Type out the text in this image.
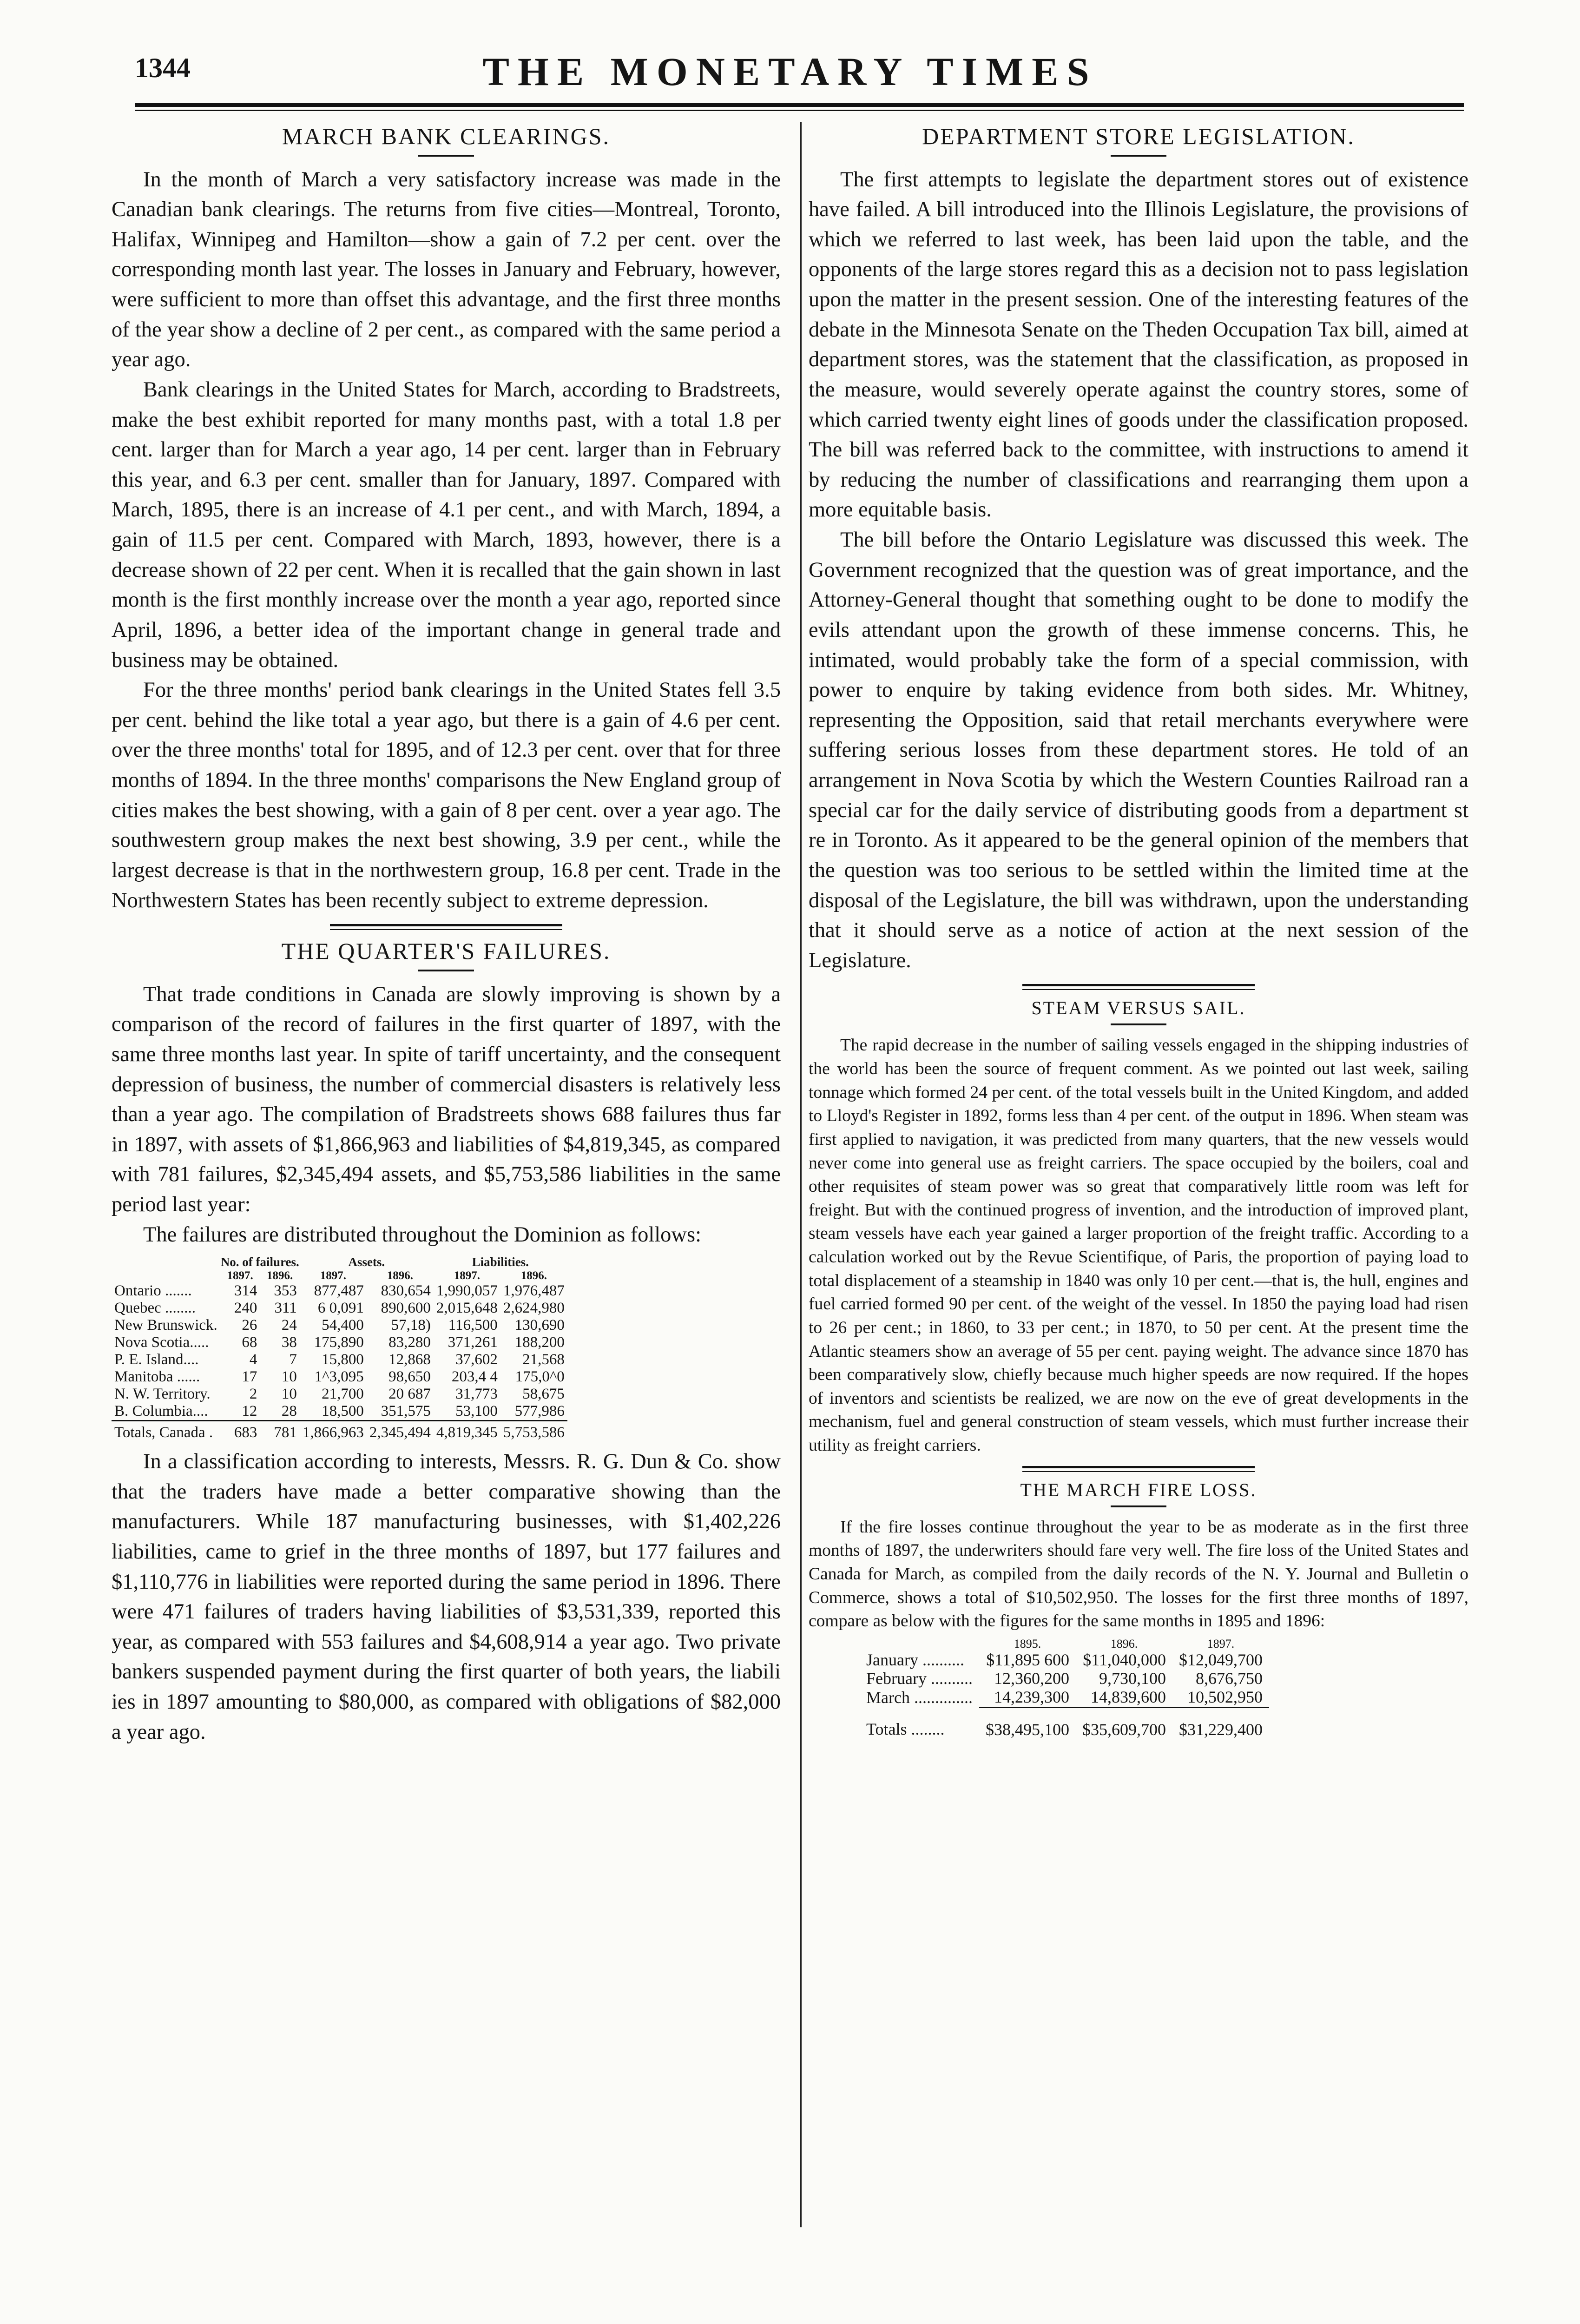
1344	THE MONETARY TIMES
MARCH BANK CLEARINGS.

In the month of March a very satisfactory increase was made in the Canadian bank clearings. The returns from five cities—Montreal, Toronto, Halifax, Winnipeg and Hamilton—show a gain of 7.2 per cent. over the corresponding month last year. The losses in January and February, however, were sufficient to more than offset this advantage, and the first three months of the year show a decline of 2 per cent., as compared with the same period a year ago.

Bank clearings in the United States for March, according to Bradstreets, make the best exhibit reported for many months past, with a total 1.8 per cent. larger than for March a year ago, 14 per cent. larger than in February this year, and 6.3 per cent. smaller than for January, 1897. Compared with March, 1895, there is an increase of 4.1 per cent., and with March, 1894, a gain of 11.5 per cent. Compared with March, 1893, however, there is a decrease shown of 22 per cent. When it is recalled that the gain shown in last month is the first monthly increase over the month a year ago, reported since April, 1896, a better idea of the important change in general trade and business may be obtained.

For the three months' period bank clearings in the United States fell 3.5 per cent. behind the like total a year ago, but there is a gain of 4.6 per cent. over the three months' total for 1895, and of 12.3 per cent. over that for three months of 1894. In the three months' comparisons the New England group of cities makes the best showing, with a gain of 8 per cent. over a year ago. The southwestern group makes the next best showing, 3.9 per cent., while the largest decrease is that in the northwestern group, 16.8 per cent. Trade in the Northwestern States has been recently subject to extreme depression.

THE QUARTER'S FAILURES.

That trade conditions in Canada are slowly improving is shown by a comparison of the record of failures in the first quarter of 1897, with the same three months last year. In spite of tariff uncertainty, and the consequent depression of business, the number of commercial disasters is relatively less than a year ago. The compilation of Bradstreets shows 688 failures thus far in 1897, with assets of $1,866,963 and liabilities of $4,819,345, as compared with 781 failures, $2,345,494 assets, and $5,753,586 liabilities in the same period last year:

The failures are distributed throughout the Dominion as follows:

	No. of failures.		Assets.		Liabilities.	
	1897.	1896.	1897.	1896.	1897.	1896.
Ontario .......	314	353	877,487	830,654	1,990,057	1,976,487
Quebec ........	240	311	6 0,091	890,600	2,015,648	2,624,980
New Brunswick.	26	24	54,400	57,18)	116,500	130,690
Nova Scotia.....	68	38	175,890	83,280	371,261	188,200
P. E. Island....	4	7	15,800	12,868	37,602	21,568
Manitoba ......	17	10	1^3,095	98,650	203,4 4	175,0^0
N. W. Territory.	2	10	21,700	20 687	31,773	58,675
B. Columbia....	12	28	18,500	351,575	53,100	577,986
Totals, Canada .	683	781	1,866,963	2,345,494	4,819,345	5,753,586

In a classification according to interests, Messrs. R. G. Dun & Co. show that the traders have made a better comparative showing than the manufacturers. While 187 manufacturing businesses, with $1,402,226 liabilities, came to grief in the three months of 1897, but 177 failures and $1,110,776 in liabilities were reported during the same period in 1896. There were 471 failures of traders having liabilities of $3,531,339, reported this year, as compared with 553 failures and $4,608,914 a year ago. Two private bankers suspended payment during the first quarter of both years, the liabili ies in 1897 amounting to $80,000, as compared with obligations of $82,000 a year ago.

DEPARTMENT STORE LEGISLATION.

The first attempts to legislate the department stores out of existence have failed. A bill introduced into the Illinois Legislature, the provisions of which we referred to last week, has been laid upon the table, and the opponents of the large stores regard this as a decision not to pass legislation upon the matter in the present session. One of the interesting features of the debate in the Minnesota Senate on the Theden Occupation Tax bill, aimed at department stores, was the statement that the classification, as proposed in the measure, would severely operate against the country stores, some of which carried twenty eight lines of goods under the classification proposed. The bill was referred back to the committee, with instructions to amend it by reducing the number of classifications and rearranging them upon a more equitable basis.

The bill before the Ontario Legislature was discussed this week. The Government recognized that the question was of great importance, and the Attorney-General thought that something ought to be done to modify the evils attendant upon the growth of these immense concerns. This, he intimated, would probably take the form of a special commission, with power to enquire by taking evidence from both sides. Mr. Whitney, representing the Opposition, said that retail merchants everywhere were suffering serious losses from these department stores. He told of an arrangement in Nova Scotia by which the Western Counties Railroad ran a special car for the daily service of distributing goods from a department st re in Toronto. As it appeared to be the general opinion of the members that the question was too serious to be settled within the limited time at the disposal of the Legislature, the bill was withdrawn, upon the understanding that it should serve as a notice of action at the next session of the Legislature.

STEAM VERSUS SAIL.

The rapid decrease in the number of sailing vessels engaged in the shipping industries of the world has been the source of frequent comment. As we pointed out last week, sailing tonnage which formed 24 per cent. of the total vessels built in the United Kingdom, and added to Lloyd's Register in 1892, forms less than 4 per cent. of the output in 1896. When steam was first applied to navigation, it was predicted from many quarters, that the new vessels would never come into general use as freight carriers. The space occupied by the boilers, coal and other requisites of steam power was so great that comparatively little room was left for freight. But with the continued progress of invention, and the introduction of improved plant, steam vessels have each year gained a larger proportion of the freight traffic. According to a calculation worked out by the Revue Scientifique, of Paris, the proportion of paying load to total displacement of a steamship in 1840 was only 10 per cent.—that is, the hull, engines and fuel carried formed 90 per cent. of the weight of the vessel. In 1850 the paying load had risen to 26 per cent.; in 1860, to 33 per cent.; in 1870, to 50 per cent. At the present time the Atlantic steamers show an average of 55 per cent. paying weight. The advance since 1870 has been comparatively slow, chiefly because much higher speeds are now required. If the hopes of inventors and scientists be realized, we are now on the eve of great developments in the mechanism, fuel and general construction of steam vessels, which must further increase their utility as freight carriers.

THE MARCH FIRE LOSS.

If the fire losses continue throughout the year to be as moderate as in the first three months of 1897, the underwriters should fare very well. The fire loss of the United States and Canada for March, as compiled from the daily records of the N. Y. Journal and Bulletin o Commerce, shows a total of $10,502,950. The losses for the first three months of 1897, compare as below with the figures for the same months in 1895 and 1896:

	1895.	1896.	1897.
January ..........	$11,895 600	$11,040,000	$12,049,700
February ..........	12,360,200	9,730,100	8,676,750
March ..............	14,239,300	14,839,600	10,502,950
Totals ........	$38,495,100	$35,609,700	$31,229,400
